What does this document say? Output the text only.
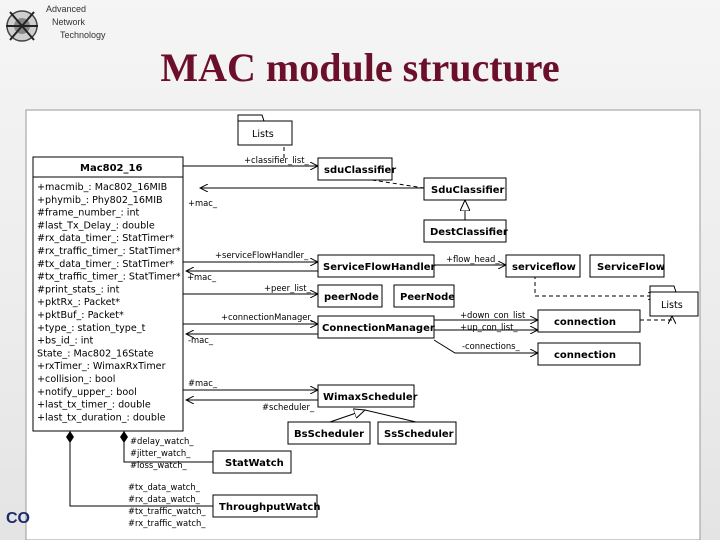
Advanced
Network
Technology
MAC module structure
Mac802_16
+macmib_: Mac802_16MIB
+phymib_: Phy802_16MIB
#frame_number_: int
#last_Tx_Delay_: double
#rx_data_timer_: StatTimer*
#rx_traffic_timer_: StatTimer*
#tx_data_timer_: StatTimer*
#tx_traffic_timer_: StatTimer*
#print_stats_: int
+pktRx_: Packet*
+pktBuf_: Packet*
+type_: station_type_t
+bs_id_: int
State_: Mac802_16State
+rxTimer_: WimaxRxTimer
+collision_: bool
+notify_upper_: bool
+last_tx_timer_: double
+last_tx_duration_: double
Lists
sduClassifier
SduClassifier
DestClassifier
ServiceFlowHandler	serviceflow ServiceFlow
peerNode PeerNode
Lists
ConnectionManager
connection
connection
WimaxScheduler
BsScheduler SsScheduler
StatWatch
ThroughputWatch
+classifier_list_
+mac_
+serviceFlowHandler_
+mac_
+flow_head_
+peer_list_
+connectionManager_
-mac_
+down_con_list_
+up_con_list_
-connections_
#mac_
#scheduler_
#delay_watch_
#jitter_watch_
#loss_watch_
#tx_data_watch_
#rx_data_watch_
#tx_traffic_watch_
#rx_traffic_watch_
CO
